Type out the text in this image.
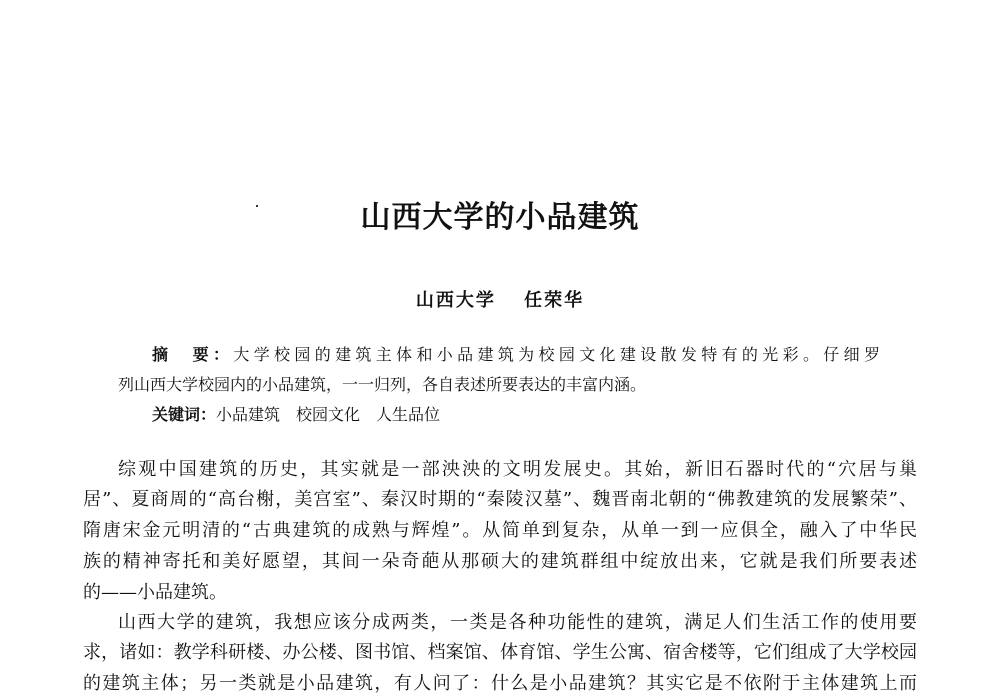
山西大学的小品建筑
山西大学 任荣华
摘　要：大学校园的建筑主体和小品建筑为校园文化建设散发特有的光彩。仔细罗
列山西大学校园内的小品建筑，一一归列，各自表述所要表达的丰富内涵。
关键词：小品建筑　校园文化　人生品位
综观中国建筑的历史，其实就是一部泱泱的文明发展史。其始，新旧石器时代的“穴居与巢
居”、夏商周的“高台榭，美宫室”、秦汉时期的“秦陵汉墓”、魏晋南北朝的“佛教建筑的发展繁荣”、
隋唐宋金元明清的“古典建筑的成熟与辉煌”。从简单到复杂，从单一到一应俱全，融入了中华民
族的精神寄托和美好愿望，其间一朵奇葩从那硕大的建筑群组中绽放出来，它就是我们所要表述
的——小品建筑。
山西大学的建筑，我想应该分成两类，一类是各种功能性的建筑，满足人们生活工作的使用要
求，诸如：教学科研楼、办公楼、图书馆、档案馆、体育馆、学生公寓、宿舍楼等，它们组成了大学校园
的建筑主体；另一类就是小品建筑，有人问了：什么是小品建筑？其实它是不依附于主体建筑上而
